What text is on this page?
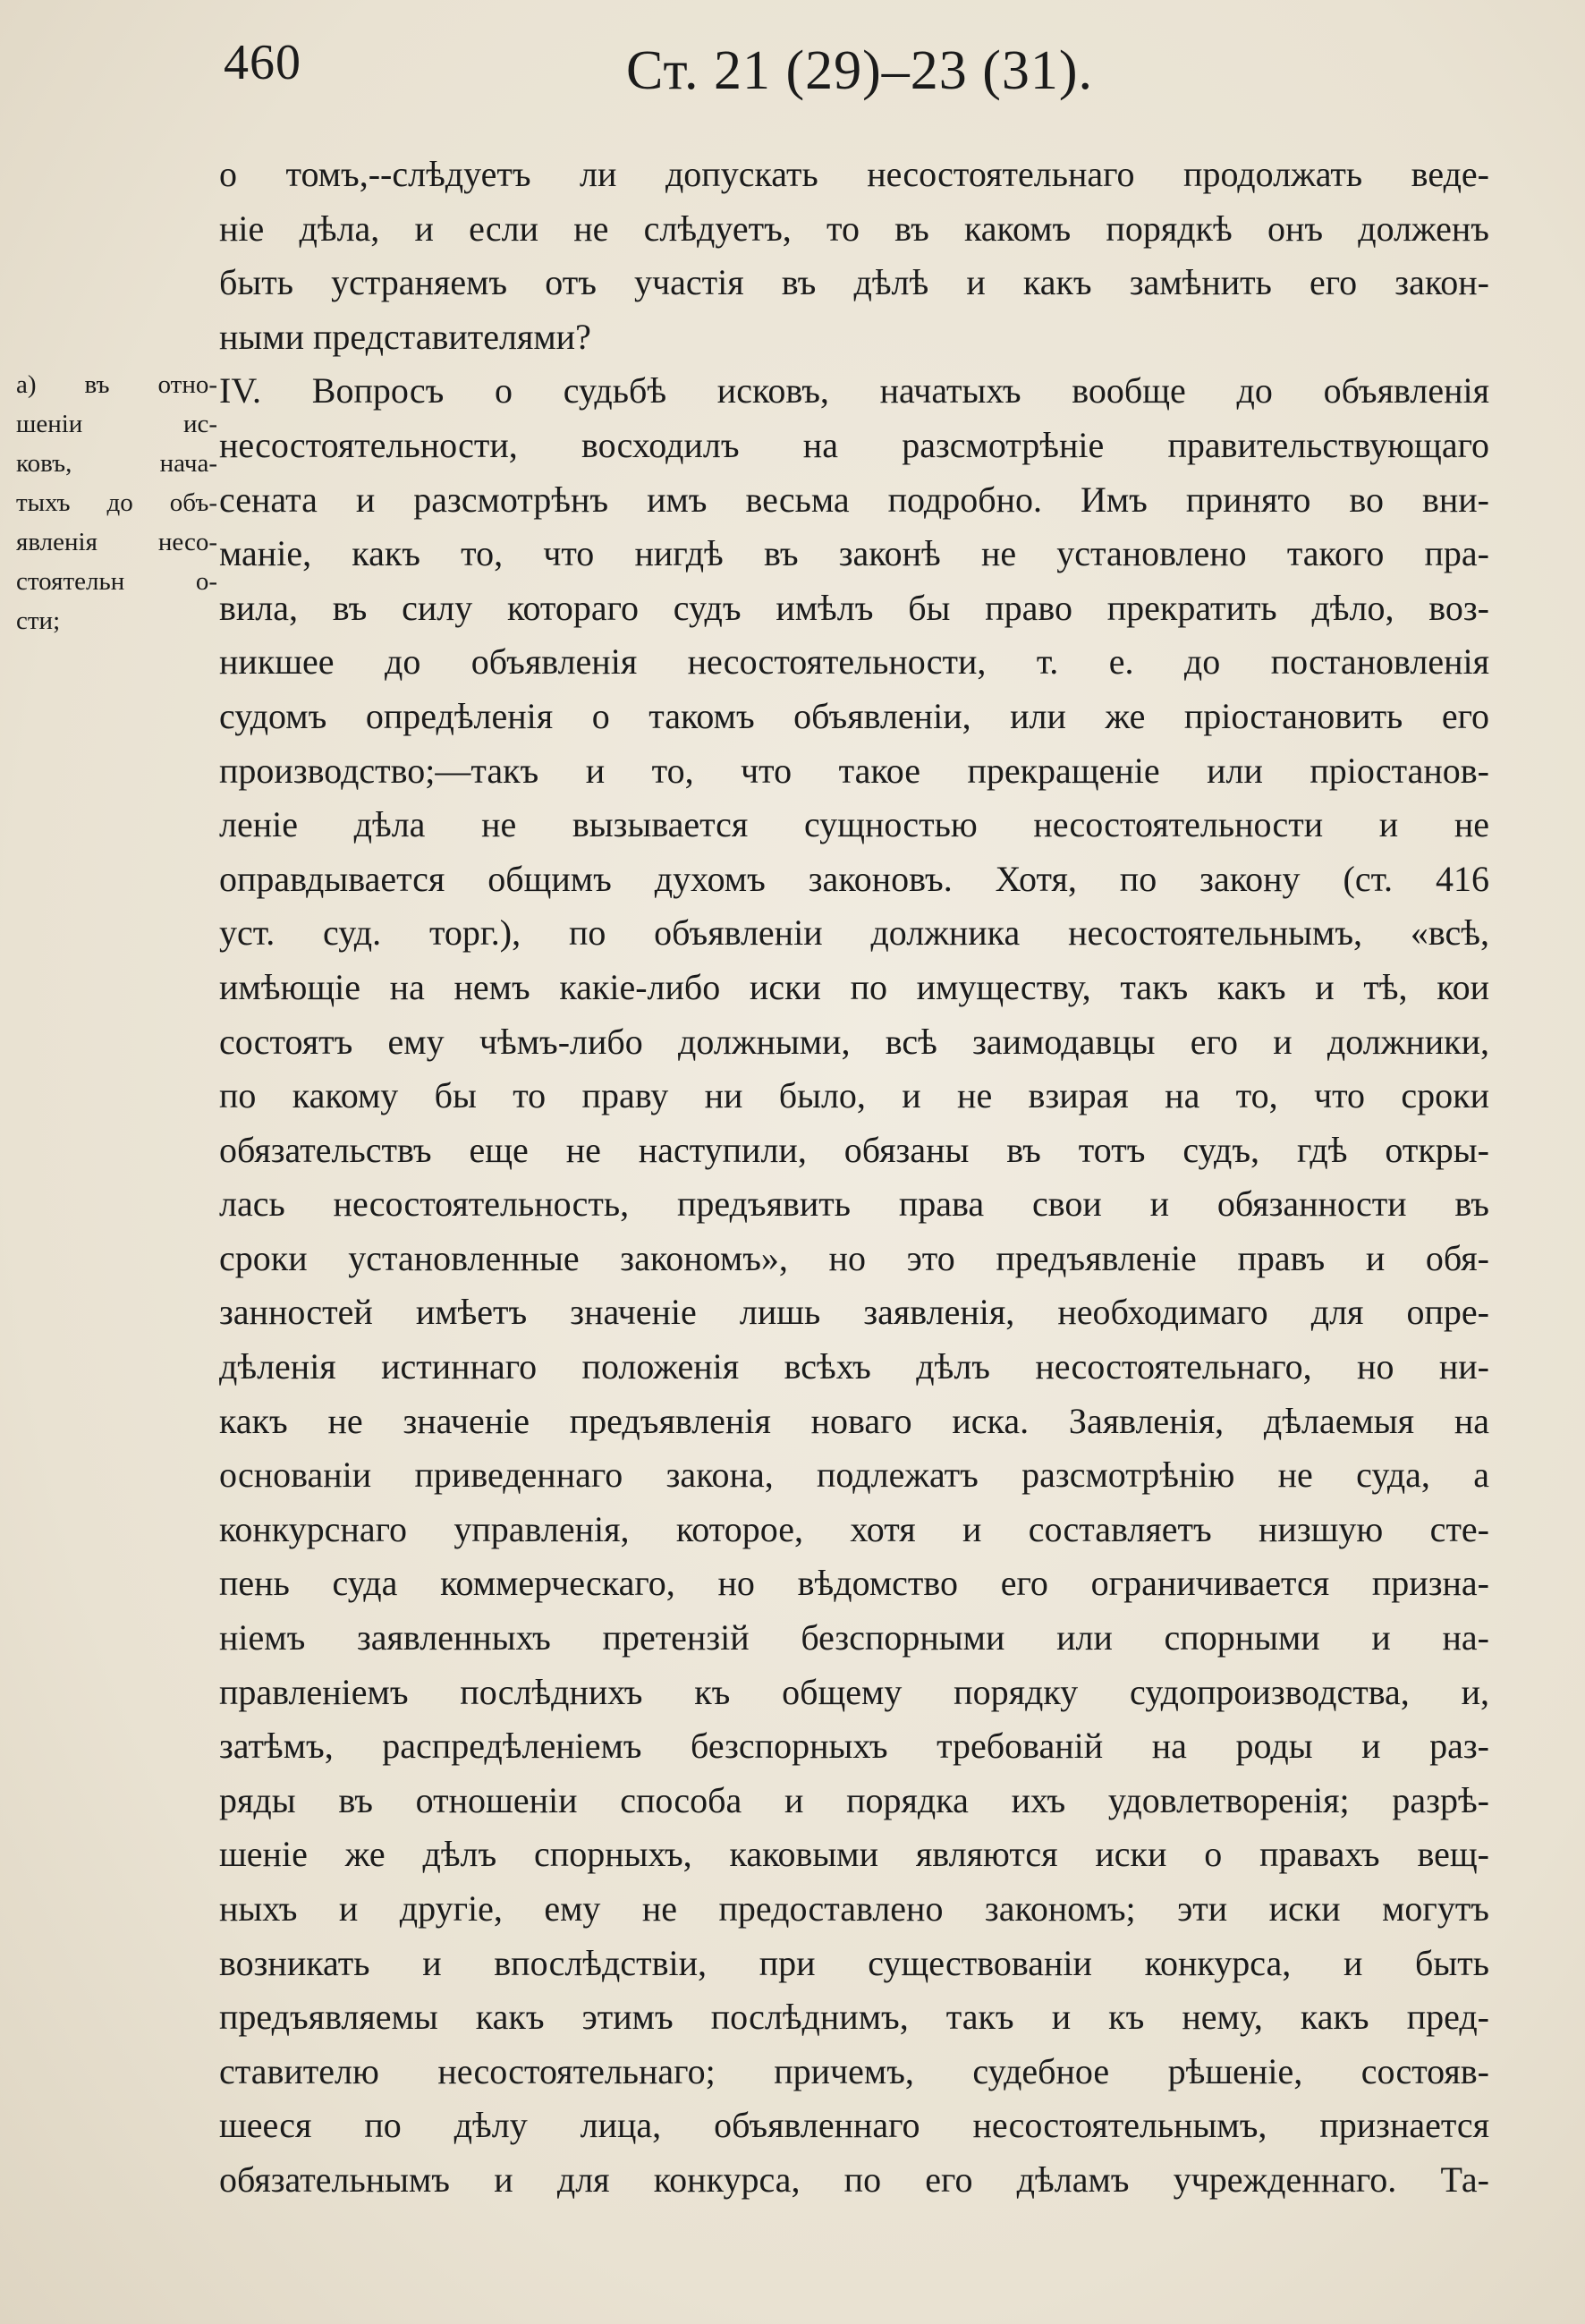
460	Ст. 21 (29)–23 (31).
а) въ отно-
шеніи ис-
ковъ, нача-
тыхъ до объ-
явленія несо-
стоятельн о-
сти;
о томъ,--слѣдуетъ ли допускать несостоятельнаго продолжать веде-
ніе дѣла, и если не слѣдуетъ, то въ какомъ порядкѣ онъ долженъ
быть устраняемъ отъ участія въ дѣлѣ и какъ замѣнить его закон-
ными представителями?
IV. Вопросъ о судьбѣ исковъ, начатыхъ вообще до объявленія
несостоятельности, восходилъ на разсмотрѣніе правительствующаго
сената и разсмотрѣнъ имъ весьма подробно. Имъ принято во вни-
маніе, какъ то, что нигдѣ въ законѣ не установлено такого пра-
вила, въ силу котораго судъ имѣлъ бы право прекратить дѣло, воз-
никшее до объявленія несостоятельности, т. е. до постановленія
судомъ опредѣленія о такомъ объявленіи, или же пріостановить его
производство;—такъ и то, что такое прекращеніе или пріостанов-
леніе дѣла не вызывается сущностью несостоятельности и не
оправдывается общимъ духомъ законовъ. Хотя, по закону (ст. 416
уст. суд. торг.), по объявленіи должника несостоятельнымъ, «всѣ,
имѣющіе на немъ какіе-либо иски по имуществу, такъ какъ и тѣ, кои
состоятъ ему чѣмъ-либо должными, всѣ заимодавцы его и должники,
по какому бы то праву ни было, и не взирая на то, что сроки
обязательствъ еще не наступили, обязаны въ тотъ судъ, гдѣ откры-
лась несостоятельность, предъявить права свои и обязанности въ
сроки установленные закономъ», но это предъявленіе правъ и обя-
занностей имѣетъ значеніе лишь заявленія, необходимаго для опре-
дѣленія истиннаго положенія всѣхъ дѣлъ несостоятельнаго, но ни-
какъ не значеніе предъявленія новаго иска. Заявленія, дѣлаемыя на
основаніи приведеннаго закона, подлежатъ разсмотрѣнію не суда, а
конкурснаго управленія, которое, хотя и составляетъ низшую сте-
пень суда коммерческаго, но вѣдомство его ограничивается призна-
ніемъ заявленныхъ претензій безспорными или спорными и на-
правленіемъ послѣднихъ къ общему порядку судопроизводства, и,
затѣмъ, распредѣленіемъ безспорныхъ требованій на роды и раз-
ряды въ отношеніи способа и порядка ихъ удовлетворенія; разрѣ-
шеніе же дѣлъ спорныхъ, каковыми являются иски о правахъ вещ-
ныхъ и другіе, ему не предоставлено закономъ; эти иски могутъ
возникать и впослѣдствіи, при существованіи конкурса, и быть
предъявляемы какъ этимъ послѣднимъ, такъ и къ нему, какъ пред-
ставителю несостоятельнаго; причемъ, судебное рѣшеніе, состояв-
шееся по дѣлу лица, объявленнаго несостоятельнымъ, признается
обязательнымъ и для конкурса, по его дѣламъ учрежденнаго. Та-
